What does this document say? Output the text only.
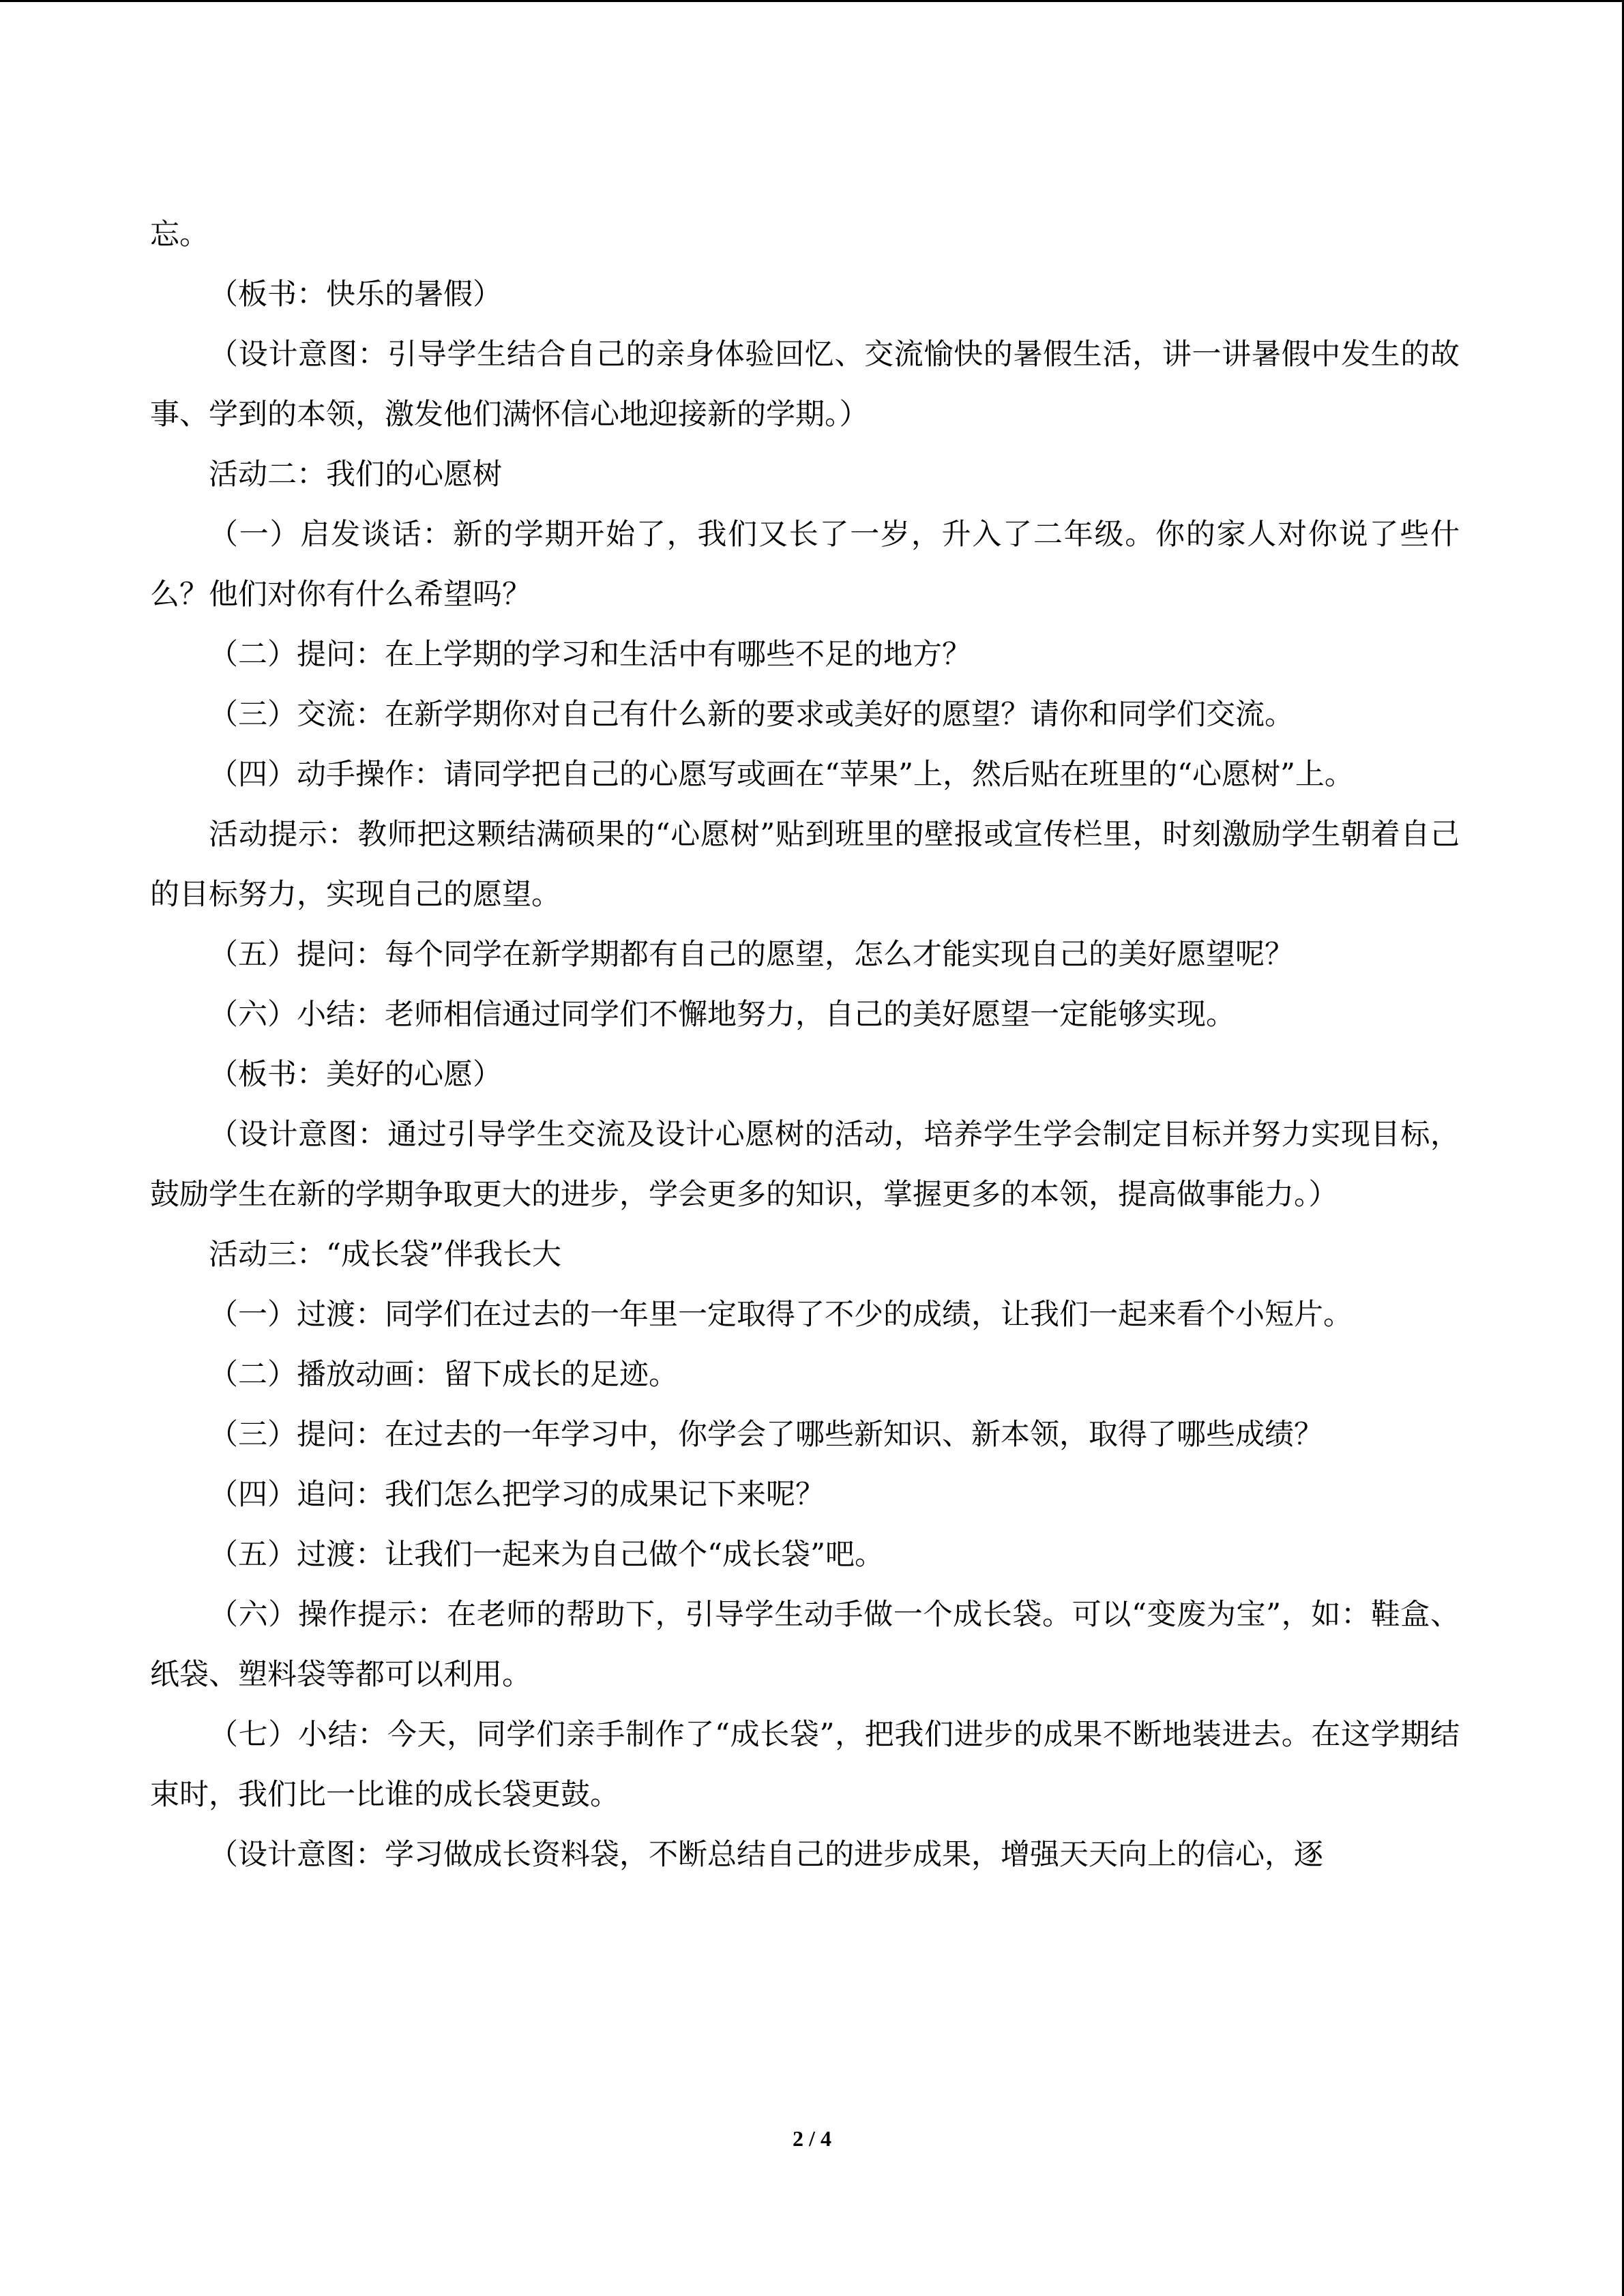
忘。

（板书：快乐的暑假）

（设计意图：引导学生结合自己的亲身体验回忆、交流愉快的暑假生活，讲一讲暑假中发生的故事、学到的本领，激发他们满怀信心地迎接新的学期。）

活动二：我们的心愿树

（一）启发谈话：新的学期开始了，我们又长了一岁，升入了二年级。你的家人对你说了些什么？他们对你有什么希望吗？

（二）提问：在上学期的学习和生活中有哪些不足的地方？

（三）交流：在新学期你对自己有什么新的要求或美好的愿望？请你和同学们交流。

（四）动手操作：请同学把自己的心愿写或画在“苹果”上，然后贴在班里的“心愿树”上。

活动提示：教师把这颗结满硕果的“心愿树”贴到班里的壁报或宣传栏里，时刻激励学生朝着自己的目标努力，实现自己的愿望。

（五）提问：每个同学在新学期都有自己的愿望，怎么才能实现自己的美好愿望呢？

（六）小结：老师相信通过同学们不懈地努力，自己的美好愿望一定能够实现。

（板书：美好的心愿）

（设计意图：通过引导学生交流及设计心愿树的活动，培养学生学会制定目标并努力实现目标，鼓励学生在新的学期争取更大的进步，学会更多的知识，掌握更多的本领，提高做事能力。）

活动三：“成长袋”伴我长大

（一）过渡：同学们在过去的一年里一定取得了不少的成绩，让我们一起来看个小短片。

（二）播放动画：留下成长的足迹。

（三）提问：在过去的一年学习中，你学会了哪些新知识、新本领，取得了哪些成绩？

（四）追问：我们怎么把学习的成果记下来呢？

（五）过渡：让我们一起来为自己做个“成长袋”吧。

（六）操作提示：在老师的帮助下，引导学生动手做一个成长袋。可以“变废为宝”，如：鞋盒、纸袋、塑料袋等都可以利用。

（七）小结：今天，同学们亲手制作了“成长袋”，把我们进步的成果不断地装进去。在这学期结束时，我们比一比谁的成长袋更鼓。

（设计意图：学习做成长资料袋，不断总结自己的进步成果，增强天天向上的信心，逐

2 / 4
